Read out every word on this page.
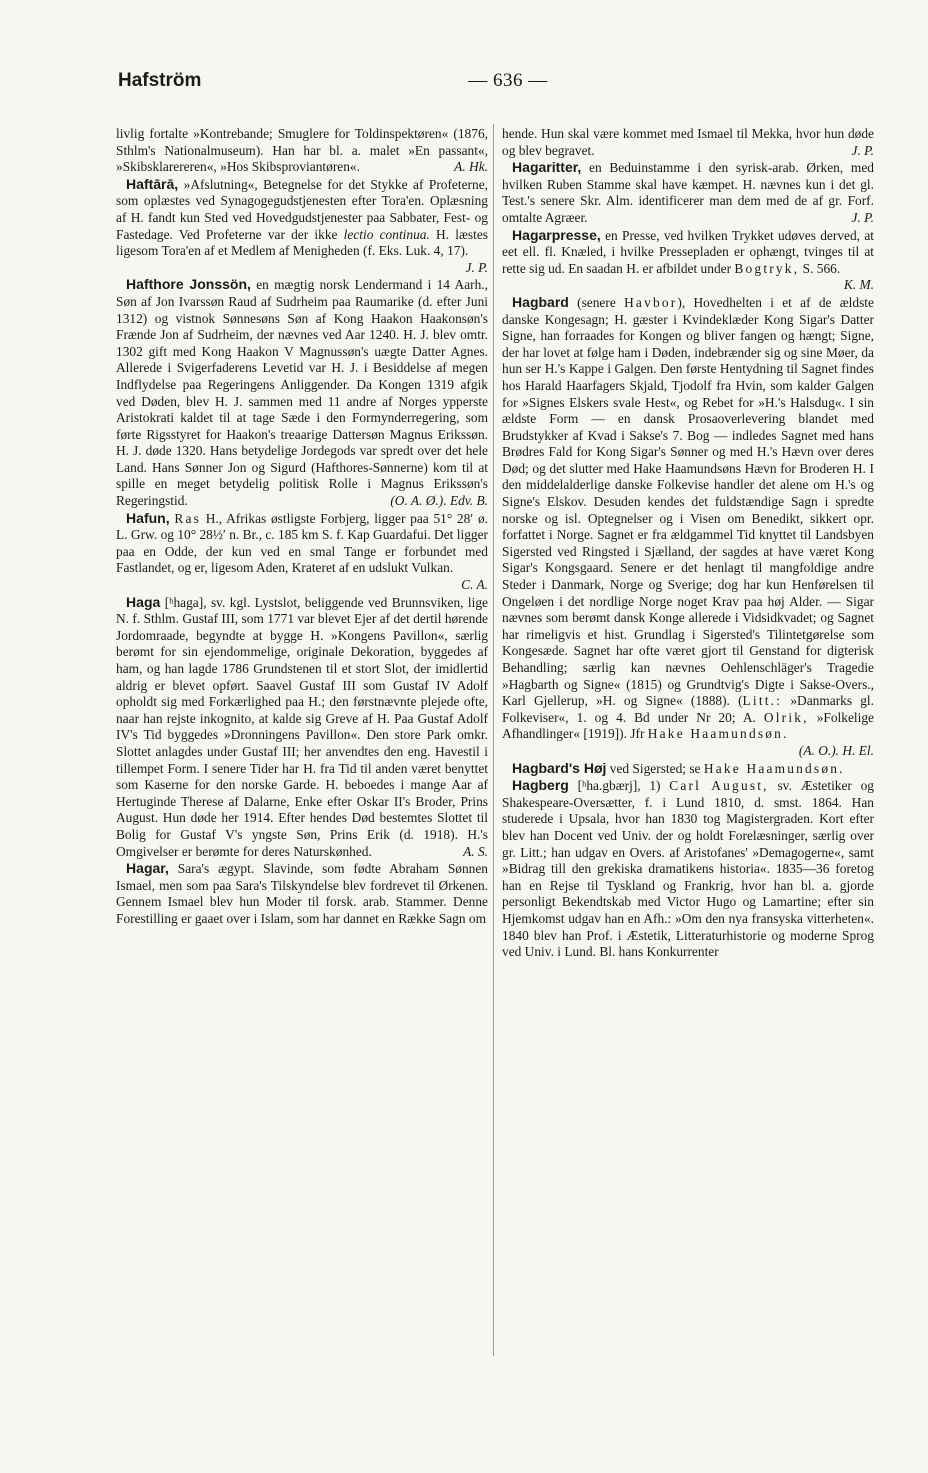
Hafström	— 636 —

livlig fortalte »Kontrebande; Smuglere for Toldinspektøren« (1876, Sthlm's Nationalmuseum). Han har bl. a. malet »En passant«, »Skibsklarereren«, »Hos Skibsproviantøren«.	A. Hk.

Haftārā, »Afslutning«, Betegnelse for det Stykke af Profeterne, som oplæstes ved Synagogegudstjenesten efter Tora'en. Oplæsning af H. fandt kun Sted ved Hovedgudstjenester paa Sabbater, Fest- og Fastedage. Ved Profeterne var der ikke lectio continua. H. læstes ligesom Tora'en af et Medlem af Menigheden (f. Eks. Luk. 4, 17).
J. P.

Hafthore Jonssön, en mægtig norsk Lendermand i 14 Aarh., Søn af Jon Ivarssøn Raud af Sudrheim paa Raumarike (d. efter Juni 1312) og vistnok Sønnesøns Søn af Kong Haakon Haakonsøn's Frænde Jon af Sudrheim, der nævnes ved Aar 1240. H. J. blev omtr. 1302 gift med Kong Haakon V Magnussøn's uægte Datter Agnes. Allerede i Svigerfaderens Levetid var H. J. i Besiddelse af megen Indflydelse paa Regeringens Anliggender. Da Kongen 1319 afgik ved Døden, blev H. J. sammen med 11 andre af Norges ypperste Aristokrati kaldet til at tage Sæde i den Formynderregering, som førte Rigsstyret for Haakon's treaarige Dattersøn Magnus Erikssøn. H. J. døde 1320. Hans betydelige Jordegods var spredt over det hele Land. Hans Sønner Jon og Sigurd (Hafthores-Sønnerne) kom til at spille en meget betydelig politisk Rolle i Magnus Erikssøn's Regeringstid.	(O. A. Ø.). Edv. B.

Hafun, Ras H., Afrikas østligste Forbjerg, ligger paa 51° 28′ ø. L. Grw. og 10° 28½′ n. Br., c. 185 km S. f. Kap Guardafui. Det ligger paa en Odde, der kun ved en smal Tange er forbundet med Fastlandet, og er, ligesom Aden, Krateret af en udslukt Vulkan.
C. A.

Haga [ʰhaga], sv. kgl. Lystslot, beliggende ved Brunnsviken, lige N. f. Sthlm. Gustaf III, som 1771 var blevet Ejer af det dertil hørende Jordomraade, begyndte at bygge H. »Kongens Pavillon«, særlig berømt for sin ejendommelige, originale Dekoration, byggedes af ham, og han lagde 1786 Grundstenen til et stort Slot, der imidlertid aldrig er blevet opført. Saavel Gustaf III som Gustaf IV Adolf opholdt sig med Forkærlighed paa H.; den førstnævnte plejede ofte, naar han rejste inkognito, at kalde sig Greve af H. Paa Gustaf Adolf IV's Tid byggedes »Dronningens Pavillon«. Den store Park omkr. Slottet anlagdes under Gustaf III; her anvendtes den eng. Havestil i tillempet Form. I senere Tider har H. fra Tid til anden været benyttet som Kaserne for den norske Garde. H. beboedes i mange Aar af Hertuginde Therese af Dalarne, Enke efter Oskar II's Broder, Prins August. Hun døde her 1914. Efter hendes Død bestemtes Slottet til Bolig for Gustaf V's yngste Søn, Prins Erik (d. 1918). H.'s Omgivelser er berømte for deres Naturskønhed.	A. S.

Hagar, Sara's ægypt. Slavinde, som fødte Abraham Sønnen Ismael, men som paa Sara's Tilskyndelse blev fordrevet til Ørkenen. Gennem Ismael blev hun Moder til forsk. arab. Stammer. Denne Forestilling er gaaet over i Islam, som har dannet en Række Sagn om

hende. Hun skal være kommet med Ismael til Mekka, hvor hun døde og blev begravet.	J. P.

Hagaritter, en Beduinstamme i den syrisk-arab. Ørken, med hvilken Ruben Stamme skal have kæmpet. H. nævnes kun i det gl. Test.'s senere Skr. Alm. identificerer man dem med de af gr. Forf. omtalte Agræer.	J. P.

Hagarpresse, en Presse, ved hvilken Trykket udøves derved, at eet ell. fl. Knæled, i hvilke Pressepladen er ophængt, tvinges til at rette sig ud. En saadan H. er afbildet under Bogtryk, S. 566.
K. M.

Hagbard (senere Havbor), Hovedhelten i et af de ældste danske Kongesagn; H. gæster i Kvindeklæder Kong Sigar's Datter Signe, han forraades for Kongen og bliver fangen og hængt; Signe, der har lovet at følge ham i Døden, indebrænder sig og sine Møer, da hun ser H.'s Kappe i Galgen. Den første Hentydning til Sagnet findes hos Harald Haarfagers Skjald, Tjodolf fra Hvin, som kalder Galgen for »Signes Elskers svale Hest«, og Rebet for »H.'s Halsdug«. I sin ældste Form — en dansk Prosaoverlevering blandet med Brudstykker af Kvad i Sakse's 7. Bog — indledes Sagnet med hans Brødres Fald for Kong Sigar's Sønner og med H.'s Hævn over deres Død; og det slutter med Hake Haamundsøns Hævn for Broderen H. I den middelalderlige danske Folkevise handler det alene om H.'s og Signe's Elskov. Desuden kendes det fuldstændige Sagn i spredte norske og isl. Optegnelser og i Visen om Benedikt, sikkert opr. forfattet i Norge. Sagnet er fra ældgammel Tid knyttet til Landsbyen Sigersted ved Ringsted i Sjælland, der sagdes at have været Kong Sigar's Kongsgaard. Senere er det henlagt til mangfoldige andre Steder i Danmark, Norge og Sverige; dog har kun Henførelsen til Ongeløen i det nordlige Norge noget Krav paa høj Alder. — Sigar nævnes som berømt dansk Konge allerede i Vidsidkvadet; og Sagnet har rimeligvis et hist. Grundlag i Sigersted's Tilintetgørelse som Kongesæde. Sagnet har ofte været gjort til Genstand for digterisk Behandling; særlig kan nævnes Oehlenschläger's Tragedie »Hagbarth og Signe« (1815) og Grundtvig's Digte i Sakse-Overs., Karl Gjellerup, »H. og Signe« (1888). (Litt.: »Danmarks gl. Folkeviser«, 1. og 4. Bd under Nr 20; A. Olrik, »Folkelige Afhandlinger« [1919]). Jfr Hake Haamundsøn.
(A. O.). H. El.

Hagbard's Høj ved Sigersted; se Hake Haamundsøn.

Hagberg [ʰha.gbærj], 1) Carl August, sv. Æstetiker og Shakespeare-Oversætter, f. i Lund 1810, d. smst. 1864. Han studerede i Upsala, hvor han 1830 tog Magistergraden. Kort efter blev han Docent ved Univ. der og holdt Forelæsninger, særlig over gr. Litt.; han udgav en Overs. af Aristofanes' »Demagogerne«, samt »Bidrag till den grekiska dramatikens historia«. 1835—36 foretog han en Rejse til Tyskland og Frankrig, hvor han bl. a. gjorde personligt Bekendtskab med Victor Hugo og Lamartine; efter sin Hjemkomst udgav han en Afh.: »Om den nya fransyska vitterheten«. 1840 blev han Prof. i Æstetik, Litteraturhistorie og moderne Sprog ved Univ. i Lund. Bl. hans Konkurrenter
